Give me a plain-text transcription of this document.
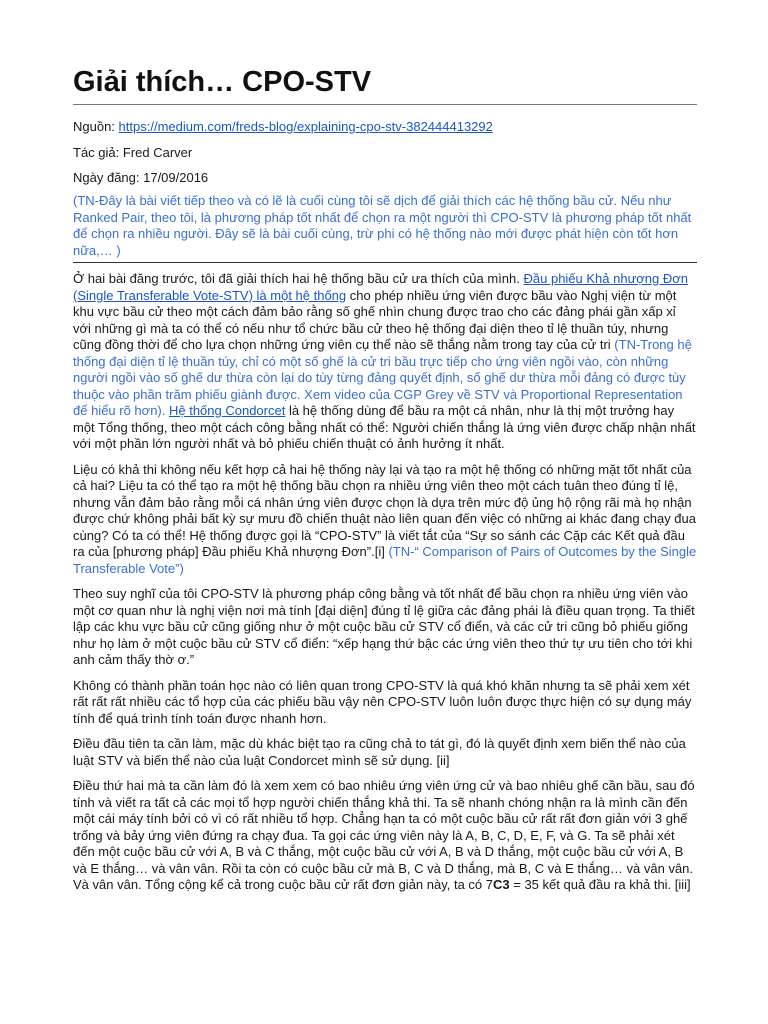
Giải thích… CPO-STV

Nguồn: https://medium.com/freds-blog/explaining-cpo-stv-382444413292

Tác giả: Fred Carver

Ngày đăng: 17/09/2016

(TN-Đây là bài viết tiếp theo và có lẽ là cuối cùng tôi sẽ dịch để giải thích các hệ thống bầu cử. Nếu như Ranked Pair, theo tôi, là phương pháp tốt nhất để chọn ra một người thì CPO-STV là phương pháp tốt nhất để chọn ra nhiều người. Đây sẽ là bài cuối cùng, trừ phi có hệ thống nào mới được phát hiện còn tốt hơn nữa,… )

Ở hai bài đăng trước, tôi đã giải thích hai hệ thống bầu cử ưa thích của mình. Đầu phiếu Khả nhượng Đơn (Single Transferable Vote-STV) là một hệ thống cho phép nhiều ứng viên được bầu vào Nghị viện từ một khu vực bầu cử theo một cách đảm bảo rằng số ghế nhìn chung được trao cho các đảng phái gần xấp xỉ với những gì mà ta có thể có nếu như tổ chức bầu cử theo hệ thống đại diện theo tỉ lệ thuần túy, nhưng cũng đồng thời để cho lựa chọn những ứng viên cụ thể nào sẽ thắng nằm trong tay của cử tri (TN-Trong hệ thống đại diện tỉ lệ thuần túy, chỉ có một số ghế là cử tri bầu trực tiếp cho ứng viên ngồi vào, còn những người ngồi vào số ghế dư thừa còn lại do tùy từng đảng quyết định, số ghế dư thừa mỗi đảng có được tùy thuộc vào phần trăm phiếu giành được. Xem video của CGP Grey về STV và Proportional Representation để hiểu rõ hơn). Hệ thống Condorcet là hệ thống dùng để bầu ra một cá nhân, như là thị một trưởng hay một Tổng thống, theo một cách công bằng nhất có thể: Người chiến thắng là ứng viên được chấp nhận nhất với một phần lớn người nhất và bỏ phiếu chiến thuật có ảnh hưởng ít nhất.

Liệu có khả thi không nếu kết hợp cả hai hệ thống này lại và tạo ra một hệ thống có những mặt tốt nhất của cả hai? Liệu ta có thể tạo ra một hệ thống bầu chọn ra nhiều ứng viên theo một cách tuân theo đúng tỉ lệ, nhưng vẫn đảm bảo rằng mỗi cá nhân ứng viên được chọn là dựa trên mức độ ủng hộ rộng rãi mà họ nhận được chứ không phải bất kỳ sự mưu đồ chiến thuật nào liên quan đến việc có những ai khác đang chạy đua cùng? Có ta có thể! Hệ thống được gọi là “CPO-STV” là viết tắt của “Sự so sánh các Cặp các Kết quả đầu ra của [phương pháp] Đầu phiếu Khả nhượng Đơn”.[i] (TN-“ Comparison of Pairs of Outcomes by the Single Transferable Vote”)

Theo suy nghĩ của tôi CPO-STV là phương pháp công bằng và tốt nhất để bầu chọn ra nhiều ứng viên vào một cơ quan như là nghị viện nơi mà tính [đại diện] đúng tỉ lệ giữa các đảng phái là điều quan trọng. Ta thiết lập các khu vực bầu cử cũng giống như ở một cuộc bầu cử STV cổ điển, và các cử tri cũng bỏ phiếu giống như họ làm ở một cuộc bầu cử STV cổ điển: “xếp hạng thứ bậc các ứng viên theo thứ tự ưu tiên cho tới khi anh cảm thấy thờ ơ.”

Không có thành phần toán học nào có liên quan trong CPO-STV là quá khó khăn nhưng ta sẽ phải xem xét rất rất rất nhiều các tổ hợp của các phiếu bầu vậy nên CPO-STV luôn luôn được thực hiện có sự dụng máy tính để quá trình tính toán được nhanh hơn.

Điều đầu tiên ta cần làm, mặc dù khác biệt tạo ra cũng chả to tát gì, đó là quyết định xem biến thể nào của luật STV và biến thể nào của luật Condorcet mình sẽ sử dụng. [ii]

Điều thứ hai mà ta cần làm đó là xem xem có bao nhiêu ứng viên ứng cử và bao nhiêu ghế cần bầu, sau đó tính và viết ra tất cả các mọi tổ hợp người chiến thắng khả thi. Ta sẽ nhanh chóng nhận ra là mình cần đến một cái máy tính bởi có vì có rất nhiều tổ hợp. Chẳng hạn ta có một cuộc bầu cử rất rất đơn giản với 3 ghế trống và bảy ứng viên đứng ra chạy đua. Ta gọi các ứng viên này là A, B, C, D, E, F, và G. Ta sẽ phải xét đến một cuộc bầu cử với A, B và C thắng, một cuộc bầu cử với A, B và D thắng, một cuộc bầu cử với A, B và E thắng… và vân vân. Rồi ta còn có cuộc bầu cử mà B, C và D thắng, mà B, C và E thắng… và vân vân. Và vân vân. Tổng cộng kể cả trong cuộc bầu cử rất đơn giản này, ta có 7C3 = 35 kết quả đầu ra khả thi. [iii]
